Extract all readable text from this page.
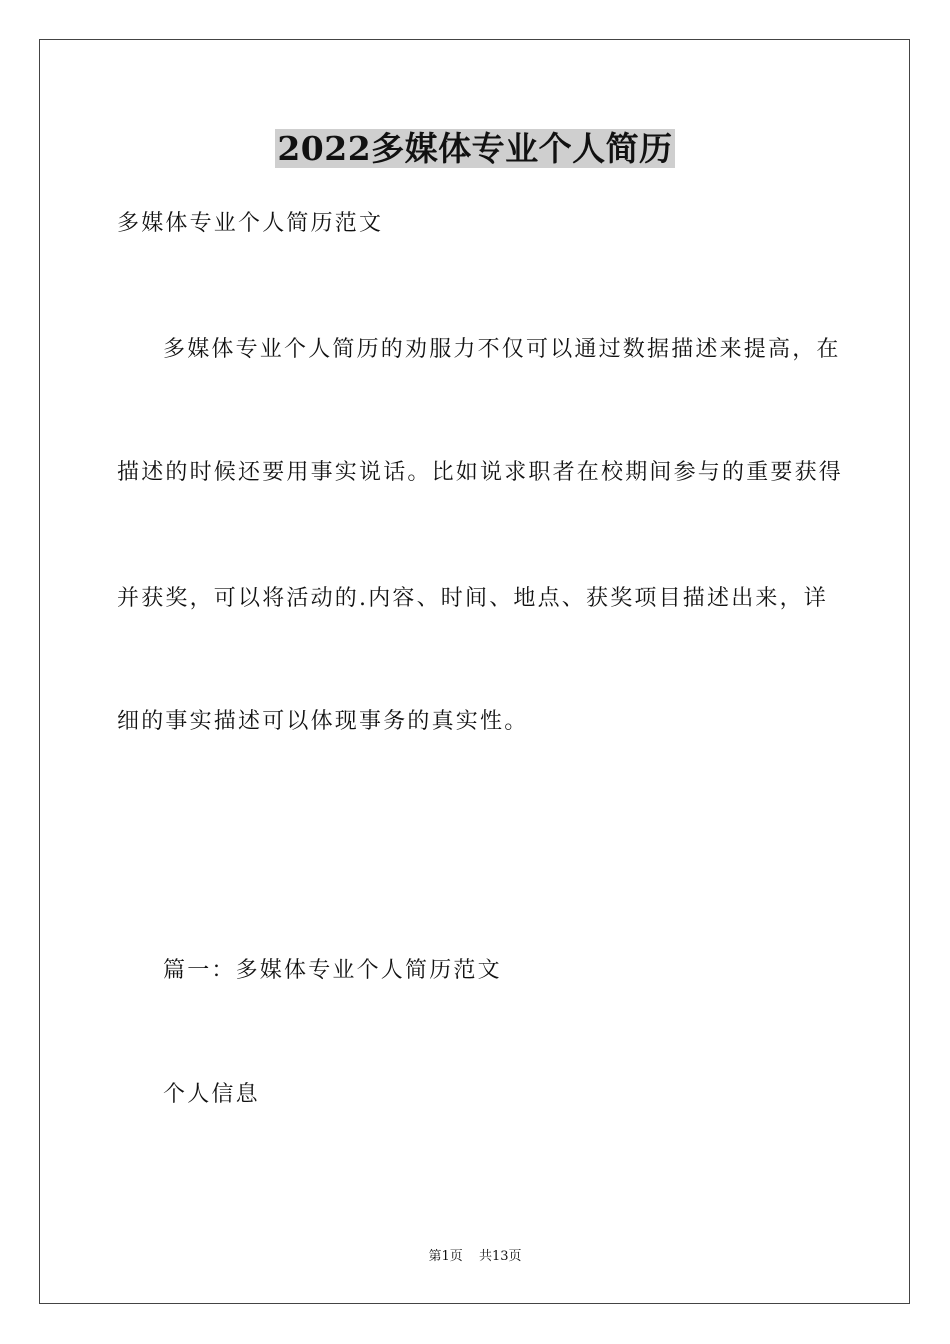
2022多媒体专业个人简历
多媒体专业个人简历范文
多媒体专业个人简历的劝服力不仅可以通过数据描述来提高，在
描述的时候还要用事实说话。比如说求职者在校期间参与的重要获得
并获奖，可以将活动的.内容、时间、地点、获奖项目描述出来，详
细的事实描述可以体现事务的真实性。
篇一：多媒体专业个人简历范文
个人信息
第1页 共13页
